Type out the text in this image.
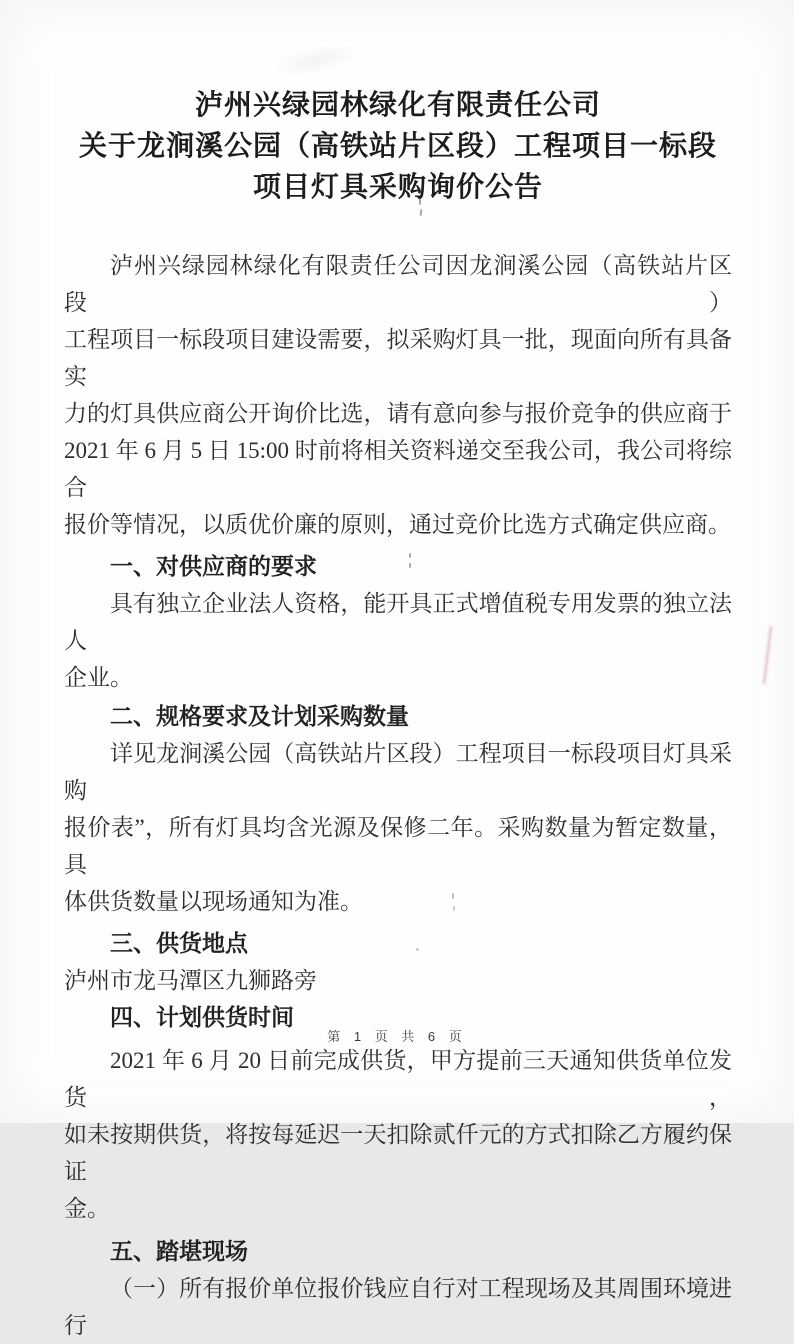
泸州兴绿园林绿化有限责任公司
关于龙涧溪公园（高铁站片区段）工程项目一标段
项目灯具采购询价公告
泸州兴绿园林绿化有限责任公司因龙涧溪公园（高铁站片区段）
工程项目一标段项目建设需要，拟采购灯具一批，现面向所有具备实
力的灯具供应商公开询价比选，请有意向参与报价竞争的供应商于
2021 年 6 月 5 日 15:00 时前将相关资料递交至我公司，我公司将综合
报价等情况，以质优价廉的原则，通过竞价比选方式确定供应商。
一、对供应商的要求
具有独立企业法人资格，能开具正式增值税专用发票的独立法人
企业。
二、规格要求及计划采购数量
详见龙涧溪公园（高铁站片区段）工程项目一标段项目灯具采购
报价表”，所有灯具均含光源及保修二年。采购数量为暂定数量，具
体供货数量以现场通知为准。
三、供货地点
泸州市龙马潭区九狮路旁
四、计划供货时间
2021 年 6 月 20 日前完成供货，甲方提前三天通知供货单位发货，
如未按期供货，将按每延迟一天扣除贰仟元的方式扣除乙方履约保证
金。
五、踏堪现场
（一）所有报价单位报价钱应自行对工程现场及其周围环境进行
第 1 页 共 6 页
